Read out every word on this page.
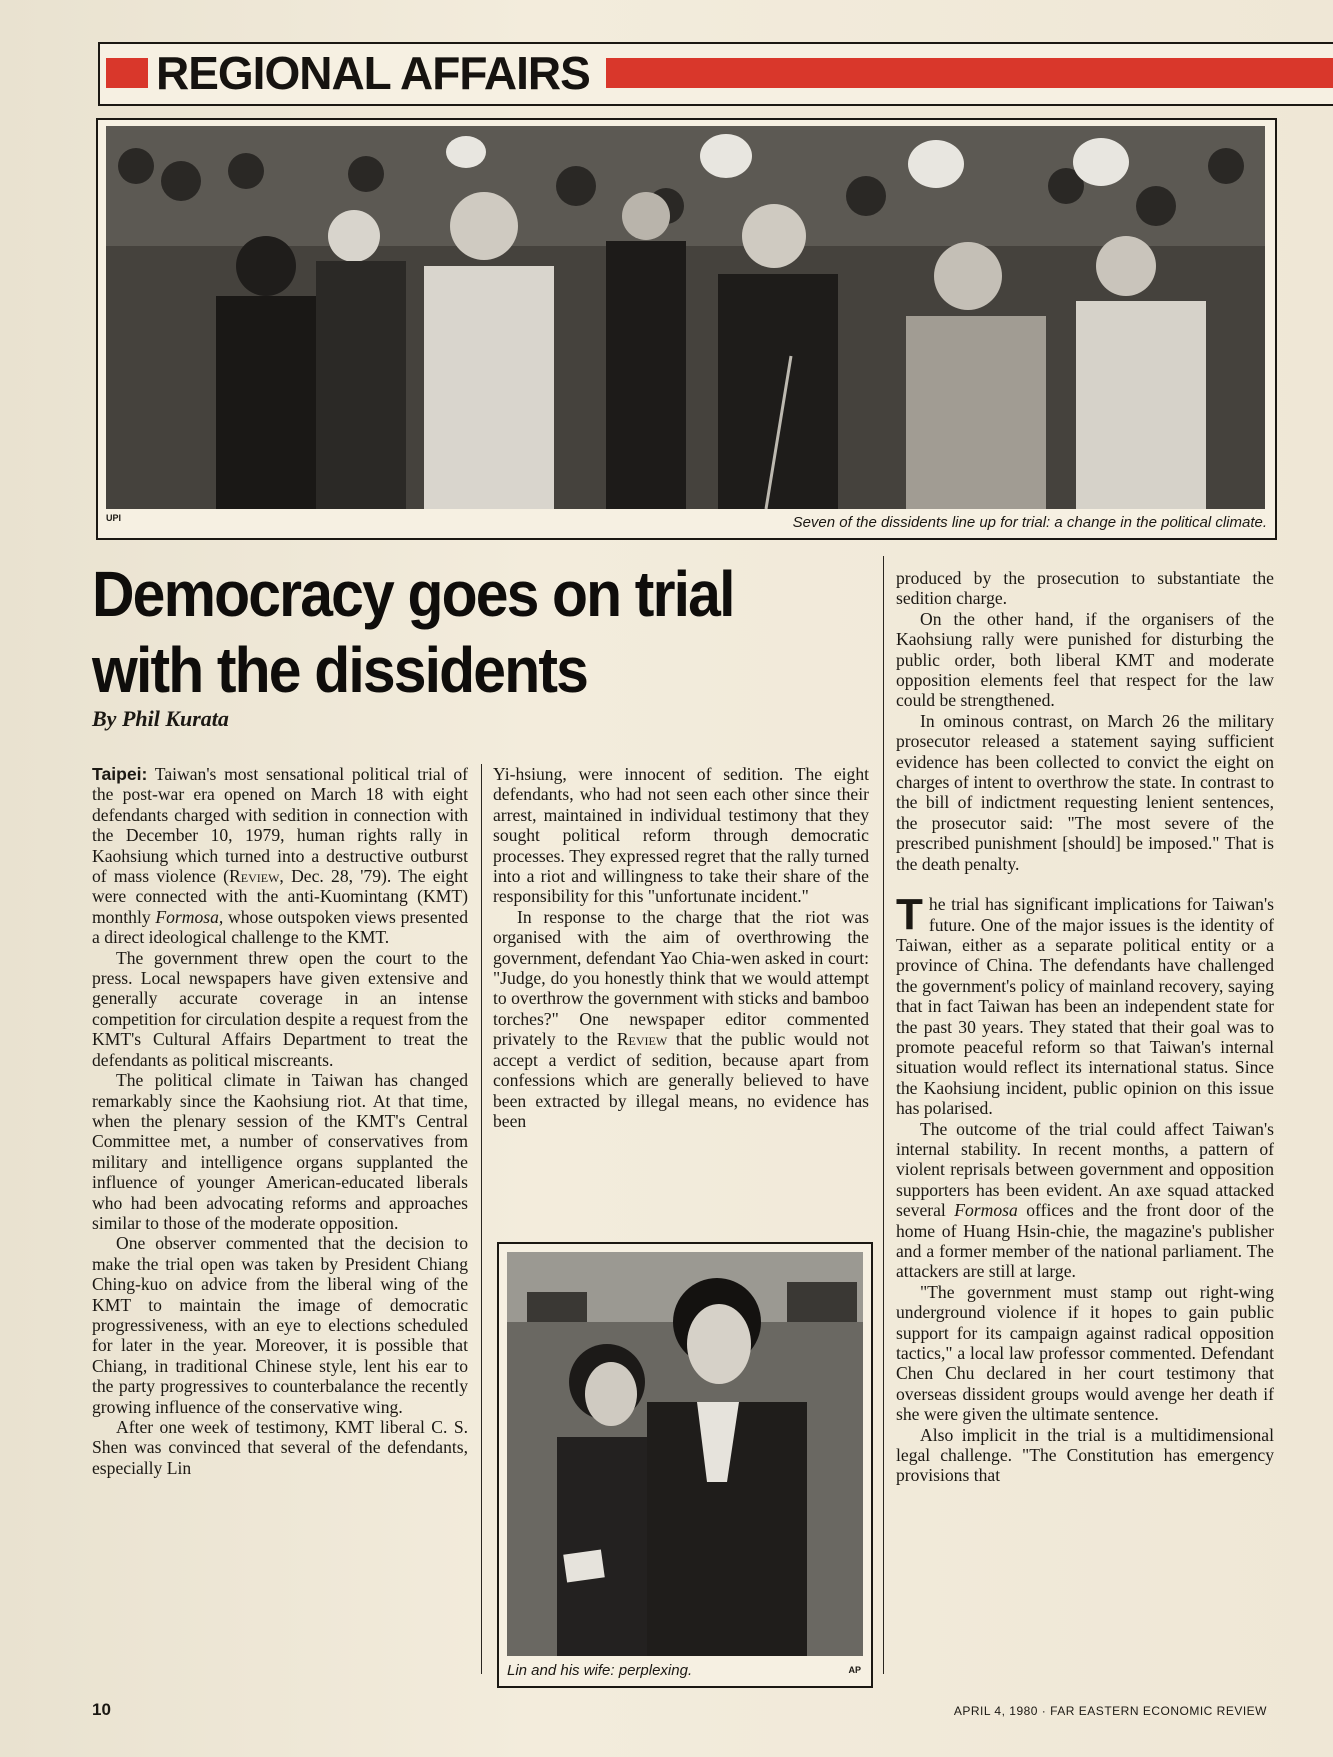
REGIONAL AFFAIRS
UPI	Seven of the dissidents line up for trial: a change in the political climate.
Democracy goes on trial
with the dissidents
By Phil Kurata

Taipei: Taiwan's most sensational political trial of the post-war era opened on March 18 with eight defendants charged with sedition in connection with the December 10, 1979, human rights rally in Kaohsiung which turned into a destructive outburst of mass violence (Review, Dec. 28, '79). The eight were connected with the anti-Kuomintang (KMT) monthly Formosa, whose outspoken views presented a direct ideological challenge to the KMT.

The government threw open the court to the press. Local newspapers have given extensive and generally accurate coverage in an intense competition for circulation despite a request from the KMT's Cultural Affairs Department to treat the defendants as political miscreants.

The political climate in Taiwan has changed remarkably since the Kaohsiung riot. At that time, when the plenary session of the KMT's Central Committee met, a number of conservatives from military and intelligence organs supplanted the influence of younger American-educated liberals who had been advocating reforms and approaches similar to those of the moderate opposition.

One observer commented that the decision to make the trial open was taken by President Chiang Ching-kuo on advice from the liberal wing of the KMT to maintain the image of democratic progressiveness, with an eye to elections scheduled for later in the year. Moreover, it is possible that Chiang, in traditional Chinese style, lent his ear to the party progressives to counterbalance the recently growing influence of the conservative wing.

After one week of testimony, KMT liberal C. S. Shen was convinced that several of the defendants, especially Lin

Yi-hsiung, were innocent of sedition. The eight defendants, who had not seen each other since their arrest, maintained in individual testimony that they sought political reform through democratic processes. They expressed regret that the rally turned into a riot and willingness to take their share of the responsibility for this "unfortunate incident."

In response to the charge that the riot was organised with the aim of overthrowing the government, defendant Yao Chia-wen asked in court: "Judge, do you honestly think that we would attempt to overthrow the government with sticks and bamboo torches?" One newspaper editor commented privately to the Review that the public would not accept a verdict of sedition, because apart from confessions which are generally believed to have been extracted by illegal means, no evidence has been

Lin and his wife: perplexing.	AP

produced by the prosecution to substantiate the sedition charge.

On the other hand, if the organisers of the Kaohsiung rally were punished for disturbing the public order, both liberal KMT and moderate opposition elements feel that respect for the law could be strengthened.

In ominous contrast, on March 26 the military prosecutor released a statement saying sufficient evidence has been collected to convict the eight on charges of intent to overthrow the state. In contrast to the bill of indictment requesting lenient sentences, the prosecutor said: "The most severe of the prescribed punishment [should] be imposed." That is the death penalty.

The trial has significant implications for Taiwan's future. One of the major issues is the identity of Taiwan, either as a separate political entity or a province of China. The defendants have challenged the government's policy of mainland recovery, saying that in fact Taiwan has been an independent state for the past 30 years. They stated that their goal was to promote peaceful reform so that Taiwan's internal situation would reflect its international status. Since the Kaohsiung incident, public opinion on this issue has polarised.

The outcome of the trial could affect Taiwan's internal stability. In recent months, a pattern of violent reprisals between government and opposition supporters has been evident. An axe squad attacked several Formosa offices and the front door of the home of Huang Hsin-chie, the magazine's publisher and a former member of the national parliament. The attackers are still at large.

"The government must stamp out right-wing underground violence if it hopes to gain public support for its campaign against radical opposition tactics," a local law professor commented. Defendant Chen Chu declared in her court testimony that overseas dissident groups would avenge her death if she were given the ultimate sentence.

Also implicit in the trial is a multidimensional legal challenge. "The Constitution has emergency provisions that

10	APRIL 4, 1980 · FAR EASTERN ECONOMIC REVIEW
